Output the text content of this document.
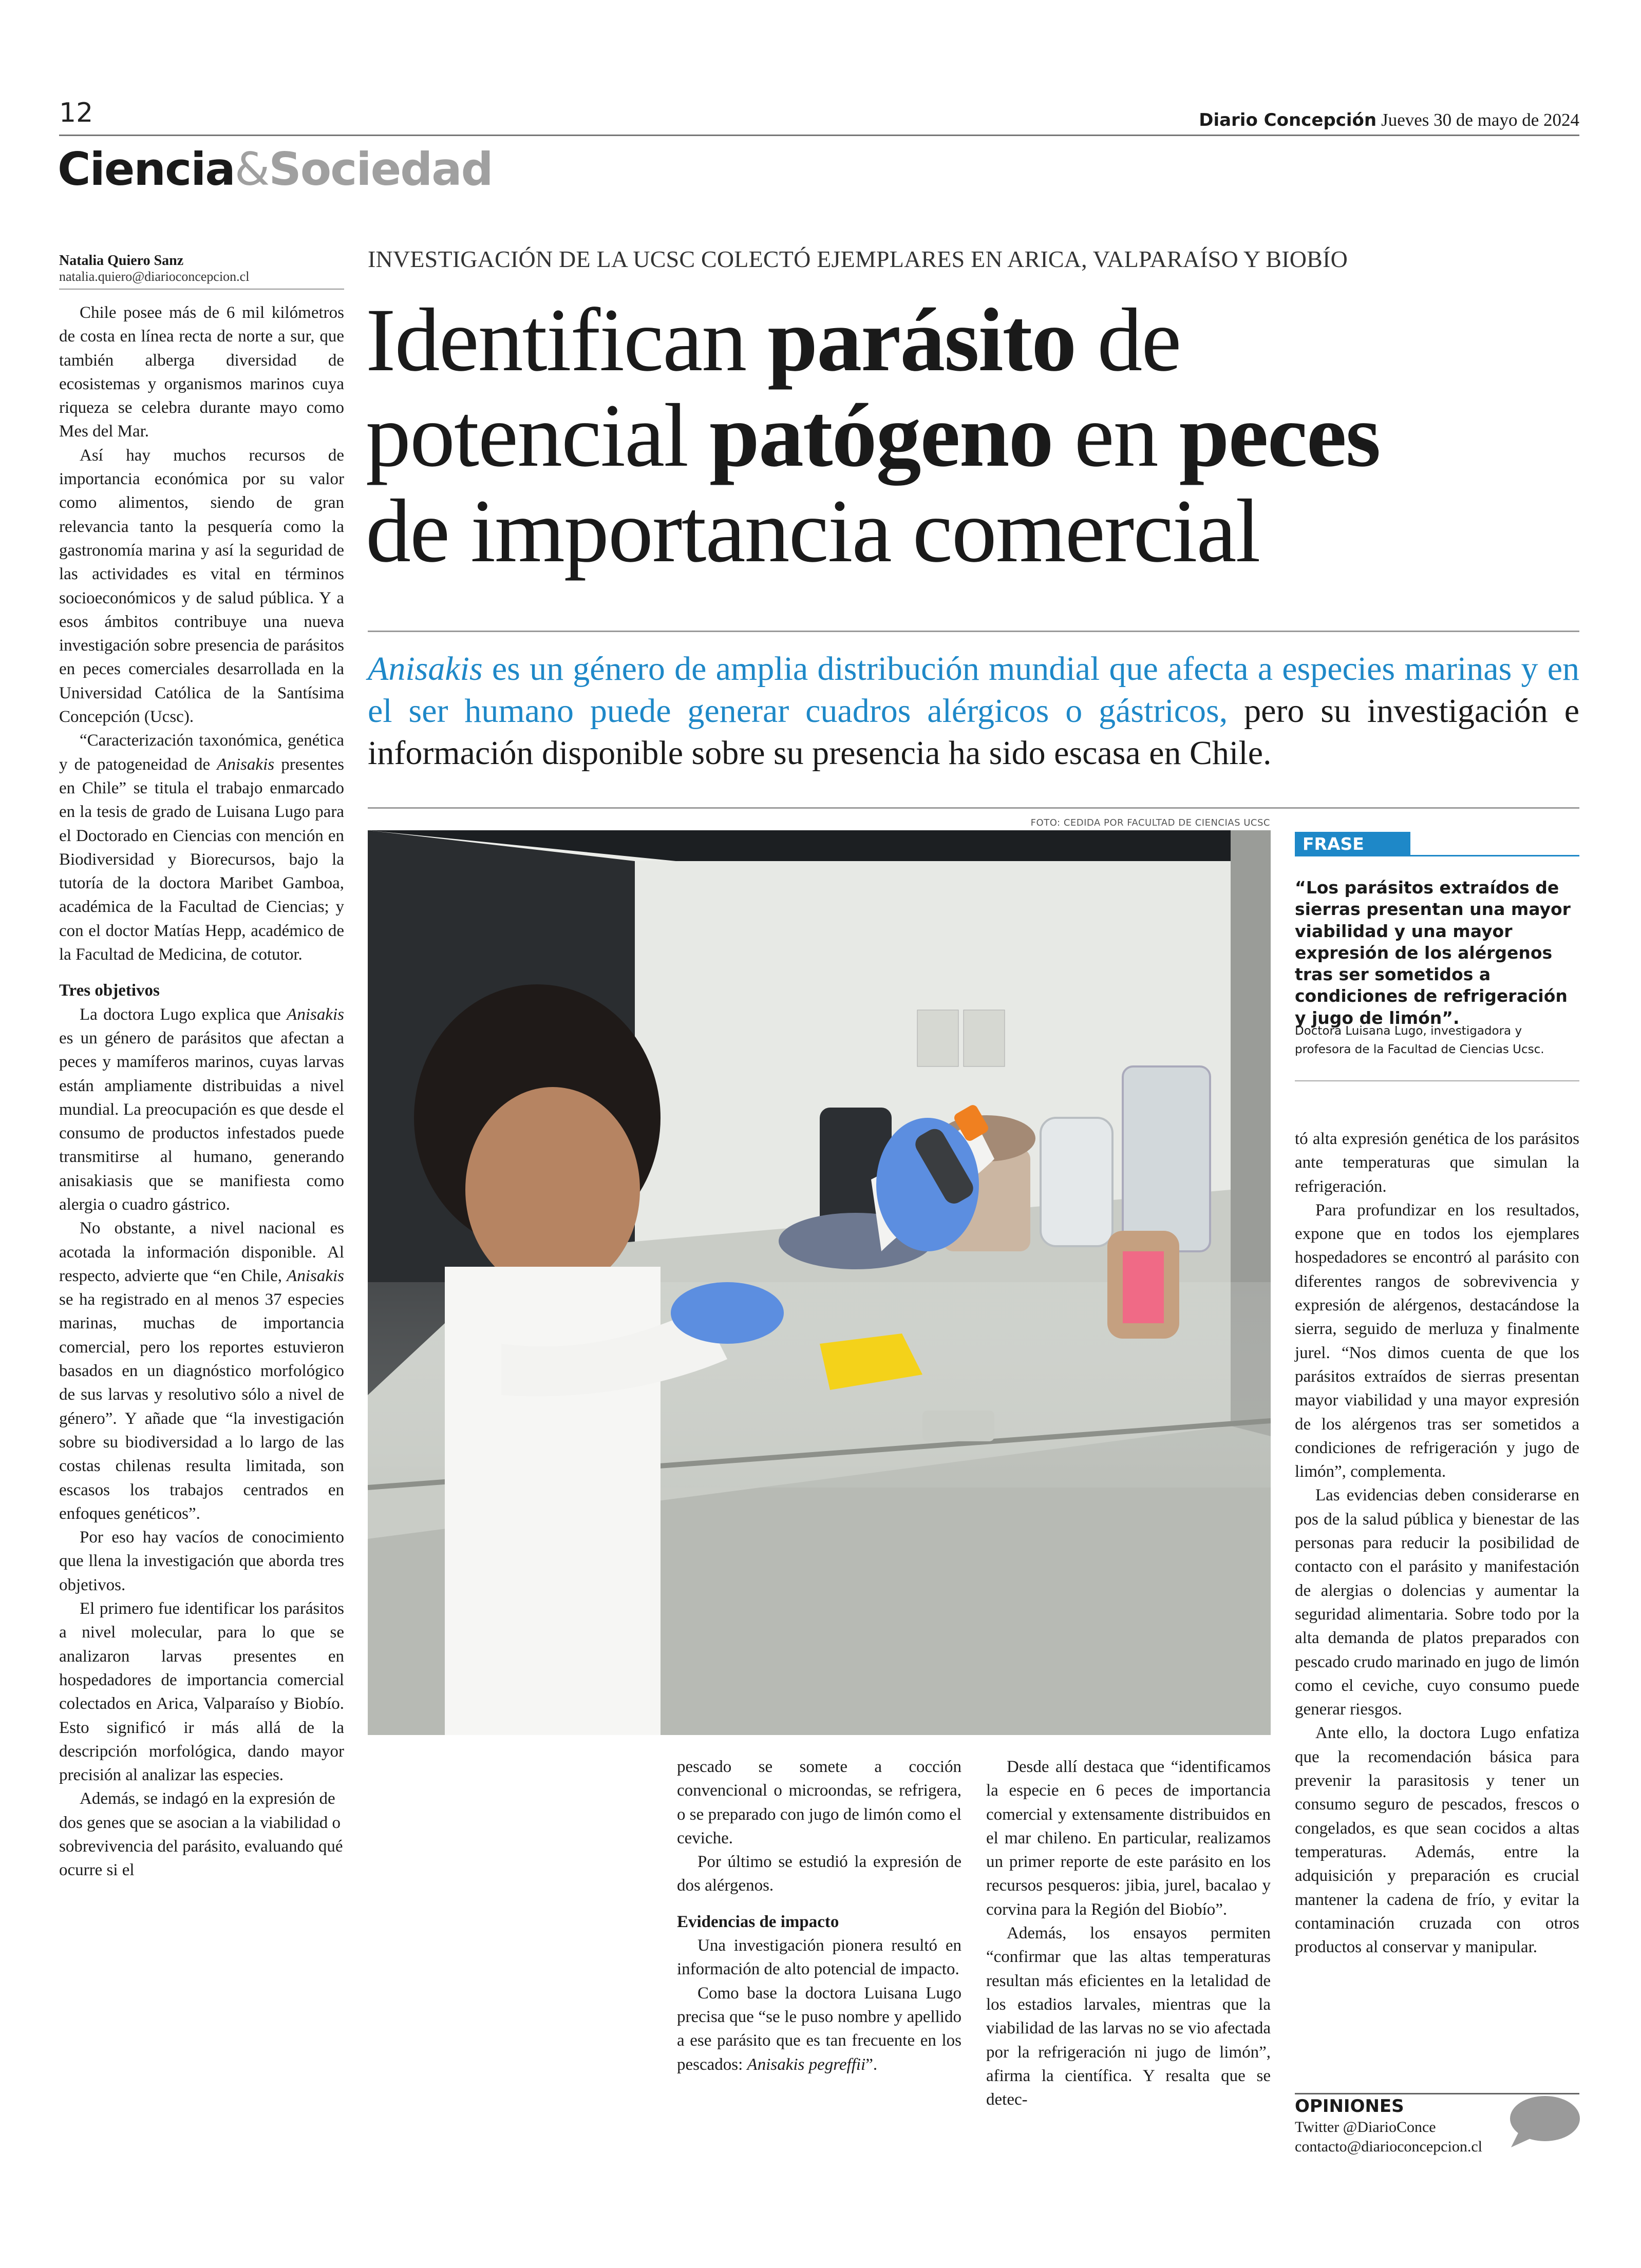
12	Diario Concepción Jueves 30 de mayo de 2024
Ciencia&Sociedad
Natalia Quiero Sanz
natalia.quiero@diarioconcepcion.cl
INVESTIGACIÓN DE LA UCSC COLECTÓ EJEMPLARES EN ARICA, VALPARAÍSO Y BIOBÍO
Identifican parásito de
potencial patógeno en peces
de importancia comercial
Anisakis es un género de amplia distribución mundial que afecta a especies marinas y en el ser humano puede generar cuadros alérgicos o gástricos, pero su investigación e información disponible sobre su presencia ha sido escasa en Chile.
FOTO: CEDIDA POR FACULTAD DE CIENCIAS UCSC
FRASE
“Los parásitos extraídos de sierras presentan una mayor viabilidad y una mayor expresión de los alérgenos tras ser sometidos a condiciones de refrigeración y jugo de limón”.
Doctora Luisana Lugo, investigadora y profesora de la Facultad de Ciencias Ucsc.

Chile posee más de 6 mil kilómetros de costa en línea recta de norte a sur, que también alberga diversidad de ecosistemas y organismos marinos cuya riqueza se celebra durante mayo como Mes del Mar.

Así hay muchos recursos de importancia económica por su valor como alimentos, siendo de gran relevancia tanto la pesquería como la gastronomía marina y así la seguridad de las actividades es vital en términos socioeconómicos y de salud pública. Y a esos ámbitos contribuye una nueva investigación sobre presencia de parásitos en peces comerciales desarrollada en la Universidad Católica de la Santísima Concepción (Ucsc).

“Caracterización taxonómica, genética y de patogeneidad de Anisakis presentes en Chile” se titula el trabajo enmarcado en la tesis de grado de Luisana Lugo para el Doctorado en Ciencias con mención en Biodiversidad y Biorecursos, bajo la tutoría de la doctora Maribet Gamboa, académica de la Facultad de Ciencias; y con el doctor Matías Hepp, académico de la Facultad de Medicina, de cotutor.

Tres objetivos

La doctora Lugo explica que Anisakis es un género de parásitos que afectan a peces y mamíferos marinos, cuyas larvas están ampliamente distribuidas a nivel mundial. La preocupación es que desde el consumo de productos infestados puede transmitirse al humano, generando anisakiasis que se manifiesta como alergia o cuadro gástrico.

No obstante, a nivel nacional es acotada la información disponible. Al respecto, advierte que “en Chile, Anisakis se ha registrado en al menos 37 especies marinas, muchas de importancia comercial, pero los reportes estuvieron basados en un diagnóstico morfológico de sus larvas y resolutivo sólo a nivel de género”. Y añade que “la investigación sobre su biodiversidad a lo largo de las costas chilenas resulta limitada, son escasos los trabajos centrados en enfoques genéticos”.

Por eso hay vacíos de conocimiento que llena la investigación que aborda tres objetivos.

El primero fue identificar los parásitos a nivel molecular, para lo que se analizaron larvas presentes en hospedadores de importancia comercial colectados en Arica, Valparaíso y Biobío. Esto significó ir más allá de la descripción morfológica, dando mayor precisión al analizar las especies.

Además, se indagó en la expresión de dos genes que se asocian a la viabilidad o sobrevivencia del parásito, evaluando qué ocurre si el

pescado se somete a cocción convencional o microondas, se refrigera, o se preparado con jugo de limón como el ceviche.

Por último se estudió la expresión de dos alérgenos.

Evidencias de impacto

Una investigación pionera resultó en información de alto potencial de impacto.

Como base la doctora Luisana Lugo precisa que “se le puso nombre y apellido a ese parásito que es tan frecuente en los pescados: Anisakis pegreffii”.

Desde allí destaca que “identificamos la especie en 6 peces de importancia comercial y extensamente distribuidos en el mar chileno. En particular, realizamos un primer reporte de este parásito en los recursos pesqueros: jibia, jurel, bacalao y corvina para la Región del Biobío”.

Además, los ensayos permiten “confirmar que las altas temperaturas resultan más eficientes en la letalidad de los estadios larvales, mientras que la viabilidad de las larvas no se vio afectada por la refrigeración ni jugo de limón”, afirma la científica. Y resalta que se detec-

tó alta expresión genética de los parásitos ante temperaturas que simulan la refrigeración.

Para profundizar en los resultados, expone que en todos los ejemplares hospedadores se encontró al parásito con diferentes rangos de sobrevivencia y expresión de alérgenos, destacándose la sierra, seguido de merluza y finalmente jurel. “Nos dimos cuenta de que los parásitos extraídos de sierras presentan mayor viabilidad y una mayor expresión de los alérgenos tras ser sometidos a condiciones de refrigeración y jugo de limón”, complementa.

Las evidencias deben considerarse en pos de la salud pública y bienestar de las personas para reducir la posibilidad de contacto con el parásito y manifestación de alergias o dolencias y aumentar la seguridad alimentaria. Sobre todo por la alta demanda de platos preparados con pescado crudo marinado en jugo de limón como el ceviche, cuyo consumo puede generar riesgos.

Ante ello, la doctora Lugo enfatiza que la recomendación básica para prevenir la parasitosis y tener un consumo seguro de pescados, frescos o congelados, es que sean cocidos a altas temperaturas. Además, entre la adquisición y preparación es crucial mantener la cadena de frío, y evitar la contaminación cruzada con otros productos al conservar y manipular.

OPINIONES
Twitter @DiarioConce
contacto@diarioconcepcion.cl
